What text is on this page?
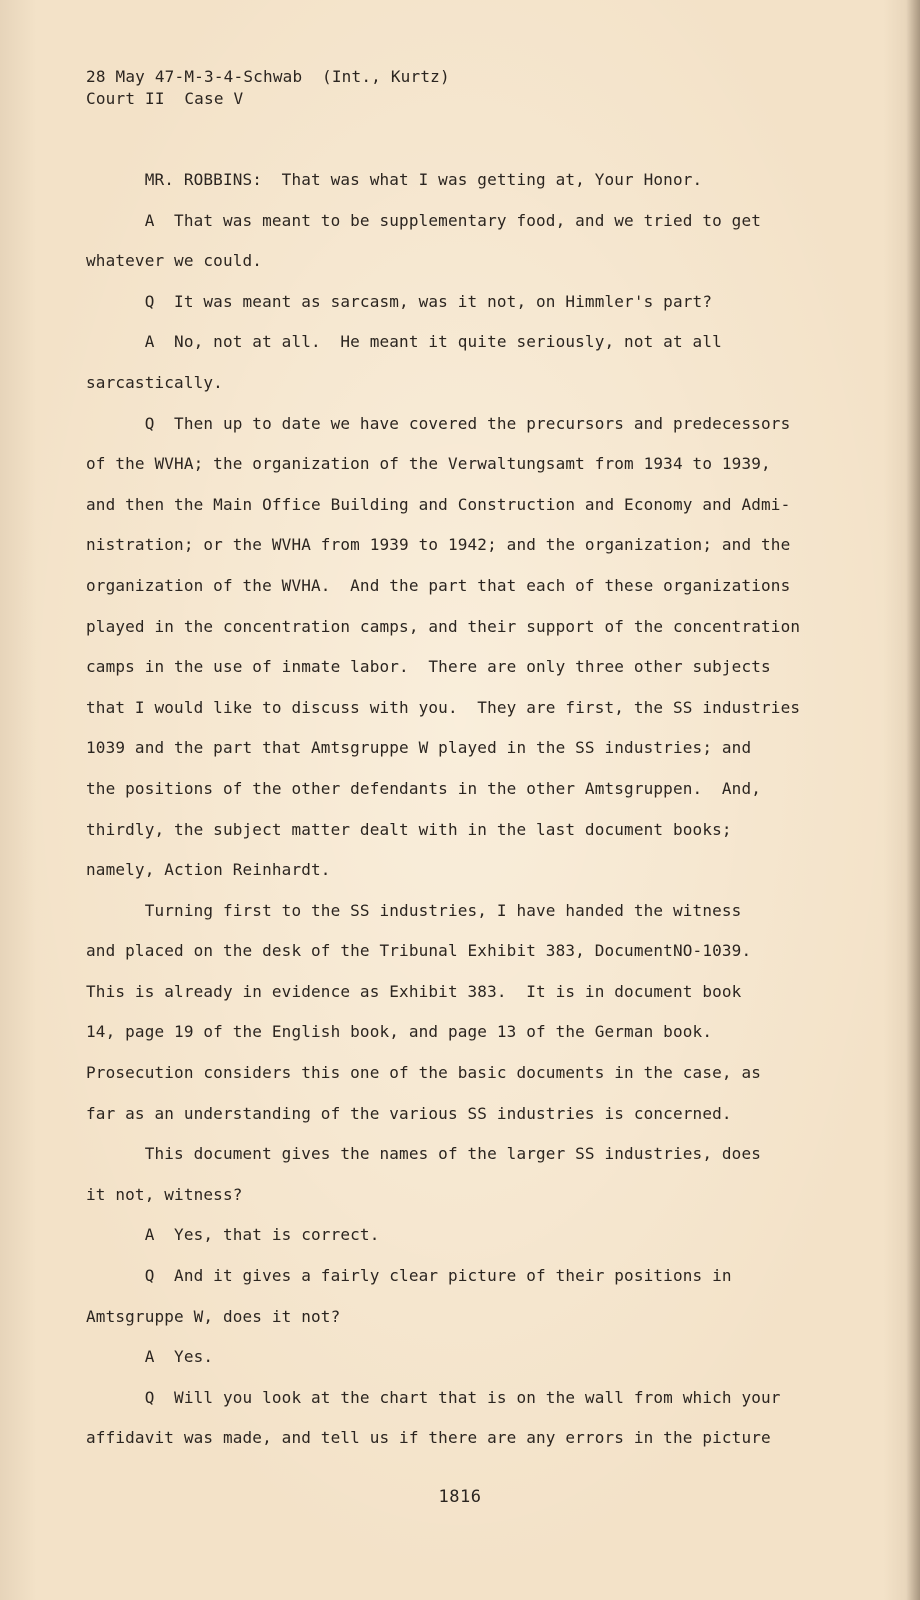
28 May 47-M-3-4-Schwab  (Int., Kurtz)
Court II  Case V
MR. ROBBINS:  That was what I was getting at, Your Honor.
A  That was meant to be supplementary food, and we tried to get
whatever we could.
Q  It was meant as sarcasm, was it not, on Himmler's part?
A  No, not at all.  He meant it quite seriously, not at all
sarcastically.
Q  Then up to date we have covered the precursors and predecessors
of the WVHA; the organization of the Verwaltungsamt from 1934 to 1939,
and then the Main Office Building and Construction and Economy and Admi-
nistration; or the WVHA from 1939 to 1942; and the organization; and the
organization of the WVHA.  And the part that each of these organizations
played in the concentration camps, and their support of the concentration
camps in the use of inmate labor.  There are only three other subjects
that I would like to discuss with you.  They are first, the SS industries
1039 and the part that Amtsgruppe W played in the SS industries; and
the positions of the other defendants in the other Amtsgruppen.  And,
thirdly, the subject matter dealt with in the last document books;
namely, Action Reinhardt.
Turning first to the SS industries, I have handed the witness
and placed on the desk of the Tribunal Exhibit 383, DocumentNO-1039.
This is already in evidence as Exhibit 383.  It is in document book
14, page 19 of the English book, and page 13 of the German book.
Prosecution considers this one of the basic documents in the case, as
far as an understanding of the various SS industries is concerned.
This document gives the names of the larger SS industries, does
it not, witness?
A  Yes, that is correct.
Q  And it gives a fairly clear picture of their positions in
Amtsgruppe W, does it not?
A  Yes.
Q  Will you look at the chart that is on the wall from which your
affidavit was made, and tell us if there are any errors in the picture
1816
